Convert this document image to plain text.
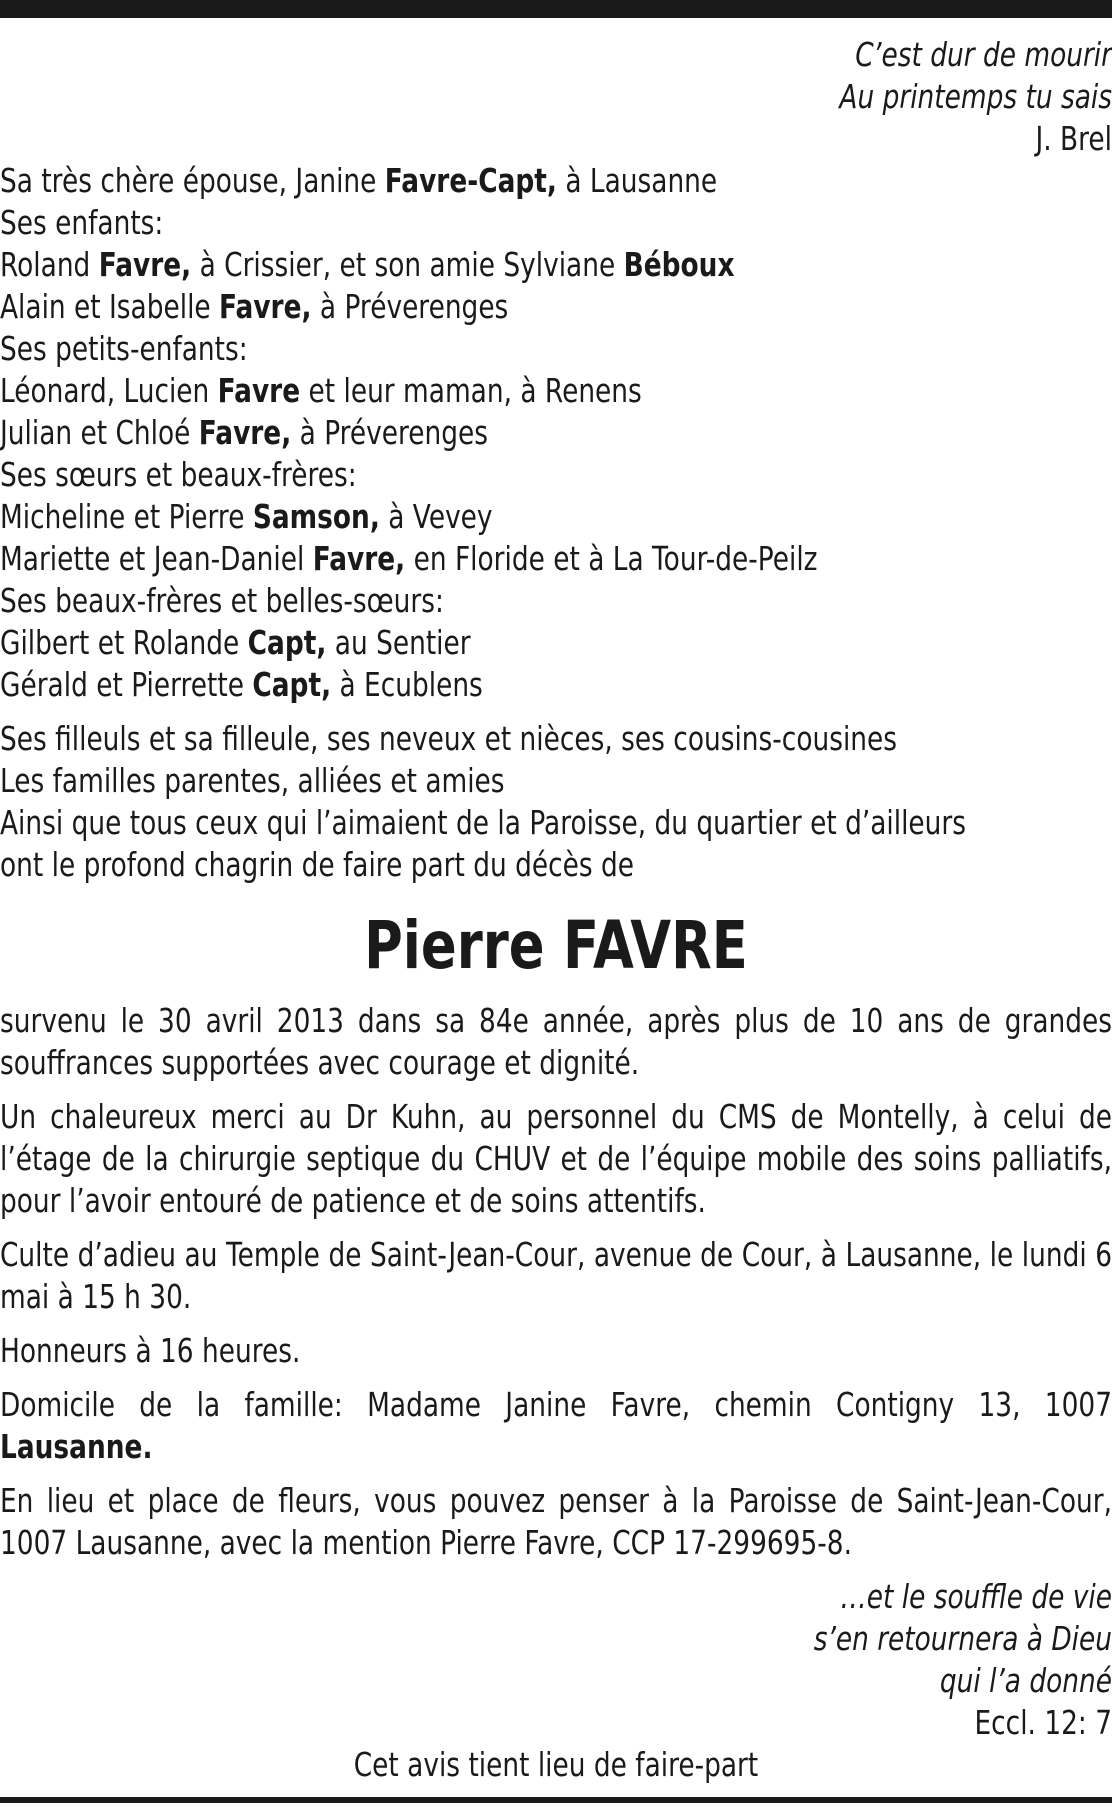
C’est dur de mourir
Au printemps tu sais
J. Brel
Sa très chère épouse, Janine Favre-Capt, à Lausanne
Ses enfants:
Roland Favre, à Crissier, et son amie Sylviane Béboux
Alain et Isabelle Favre, à Préverenges
Ses petits-enfants:
Léonard, Lucien Favre et leur maman, à Renens
Julian et Chloé Favre, à Préverenges
Ses sœurs et beaux-frères:
Micheline et Pierre Samson, à Vevey
Mariette et Jean-Daniel Favre, en Floride et à La Tour-de-Peilz
Ses beaux-frères et belles-sœurs:
Gilbert et Rolande Capt, au Sentier
Gérald et Pierrette Capt, à Ecublens
Ses filleuls et sa filleule, ses neveux et nièces, ses cousins-cousines
Les familles parentes, alliées et amies
Ainsi que tous ceux qui l’aimaient de la Paroisse, du quartier et d’ailleurs
ont le profond chagrin de faire part du décès de
Pierre FAVRE

survenu le 30 avril 2013 dans sa 84e année, après plus de 10 ans de grandes souffrances supportées avec courage et dignité.

Un chaleureux merci au Dr Kuhn, au personnel du CMS de Montelly, à celui de l’étage de la chirurgie septique du CHUV et de l’équipe mobile des soins palliatifs, pour l’avoir entouré de patience et de soins attentifs.

Culte d’adieu au Temple de Saint-Jean-Cour, avenue de Cour, à Lausanne, le lundi 6 mai à 15 h 30.

Honneurs à 16 heures.

Domicile de la famille: Madame Janine Favre, chemin Contigny 13, 1007 Lausanne.

En lieu et place de fleurs, vous pouvez penser à la Paroisse de Saint-Jean-Cour, 1007 Lausanne, avec la mention Pierre Favre, CCP 17-299695-8.

…et le souffle de vie
s’en retournera à Dieu
qui l’a donné
Eccl. 12: 7
Cet avis tient lieu de faire-part
